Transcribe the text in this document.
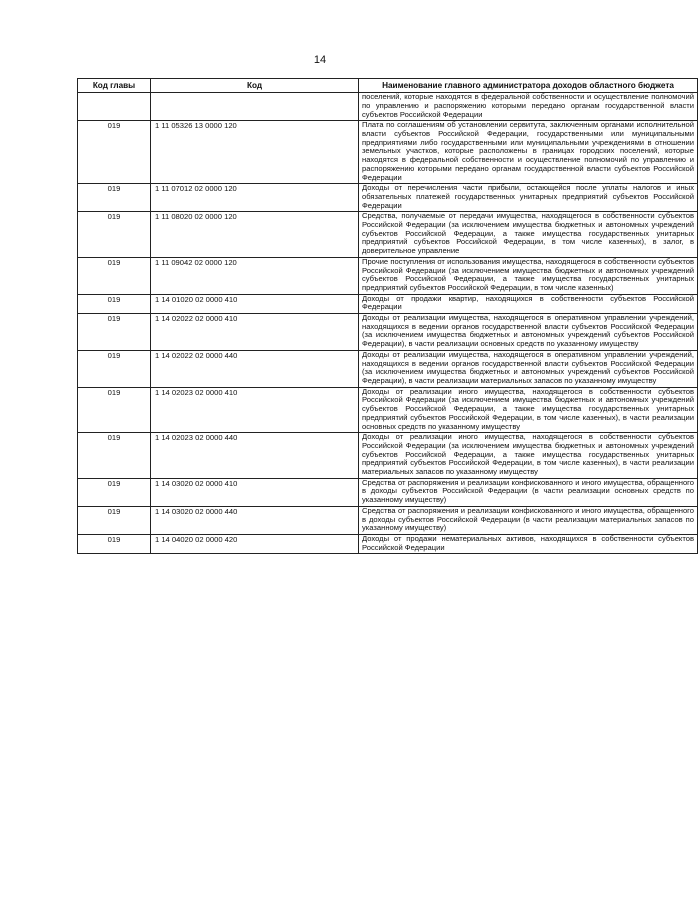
14
Код главы	Код	Наименование главного администратора доходов областного бюджета
		поселений, которые находятся в федеральной собственности и осуществление полномочий по управлению и распоряжению которыми передано органам государственной власти субъектов Российской Федерации
019	1 11 05326 13 0000 120	Плата по соглашениям об установлении сервитута, заключенным органами исполнительной власти субъектов Российской Федерации, государственными или муниципальными предприятиями либо государственными или муниципальными учреждениями в отношении земельных участков, которые расположены в границах городских поселений, которые находятся в федеральной собственности и осуществление полномочий по управлению и распоряжению которыми передано органам государственной власти субъектов Российской Федерации
019	1 11 07012 02 0000 120	Доходы от перечисления части прибыли, остающейся после уплаты налогов и иных обязательных платежей государственных унитарных предприятий субъектов Российской Федерации
019	1 11 08020 02 0000 120	Средства, получаемые от передачи имущества, находящегося в собственности субъектов Российской Федерации (за исключением имущества бюджетных и автономных учреждений субъектов Российской Федерации, а также имущества государственных унитарных предприятий субъектов Российской Федерации, в том числе казенных), в залог, в доверительное управление
019	1 11 09042 02 0000 120	Прочие поступления от использования имущества, находящегося в собственности субъектов Российской Федерации (за исключением имущества бюджетных и автономных учреждений субъектов Российской Федерации, а также имущества государственных унитарных предприятий субъектов Российской Федерации, в том числе казенных)
019	1 14 01020 02 0000 410	Доходы от продажи квартир, находящихся в собственности субъектов Российской Федерации
019	1 14 02022 02 0000 410	Доходы от реализации имущества, находящегося в оперативном управлении учреждений, находящихся в ведении органов государственной власти субъектов Российской Федерации (за исключением имущества бюджетных и автономных учреждений субъектов Российской Федерации), в части реализации основных средств по указанному имуществу
019	1 14 02022 02 0000 440	Доходы от реализации имущества, находящегося в оперативном управлении учреждений, находящихся в ведении органов государственной власти субъектов Российской Федерации (за исключением имущества бюджетных и автономных учреждений субъектов Российской Федерации), в части реализации материальных запасов по указанному имуществу
019	1 14 02023 02 0000 410	Доходы от реализации иного имущества, находящегося в собственности субъектов Российской Федерации (за исключением имущества бюджетных и автономных учреждений субъектов Российской Федерации, а также имущества государственных унитарных предприятий субъектов Российской Федерации, в том числе казенных), в части реализации основных средств по указанному имуществу
019	1 14 02023 02 0000 440	Доходы от реализации иного имущества, находящегося в собственности субъектов Российской Федерации (за исключением имущества бюджетных и автономных учреждений субъектов Российской Федерации, а также имущества государственных унитарных предприятий субъектов Российской Федерации, в том числе казенных), в части реализации материальных запасов по указанному имуществу
019	1 14 03020 02 0000 410	Средства от распоряжения и реализации конфискованного и иного имущества, обращенного в доходы субъектов Российской Федерации (в части реализации основных средств по указанному имуществу)
019	1 14 03020 02 0000 440	Средства от распоряжения и реализации конфискованного и иного имущества, обращенного в доходы субъектов Российской Федерации (в части реализации материальных запасов по указанному имуществу)
019	1 14 04020 02 0000 420	Доходы от продажи нематериальных активов, находящихся в собственности субъектов Российской Федерации
